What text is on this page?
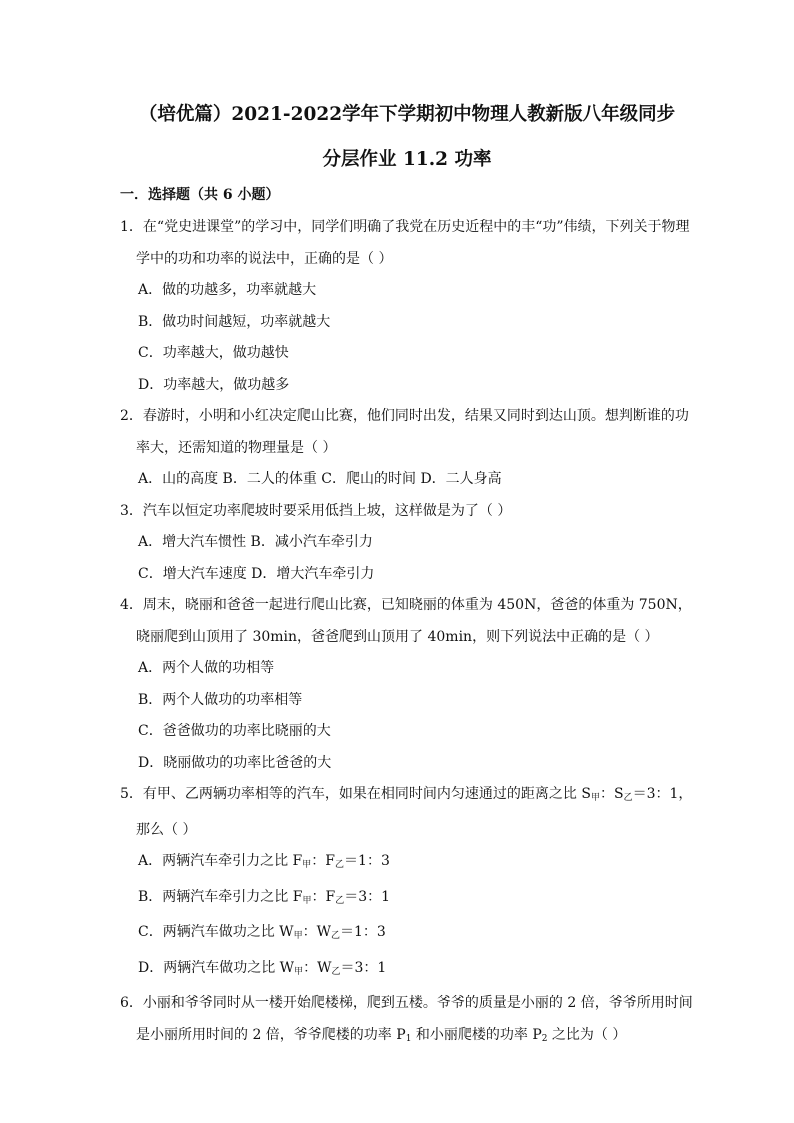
（培优篇）2021-2022学年下学期初中物理人教新版八年级同步
分层作业 11.2 功率
一．选择题（共 6 小题）
1．在“党史进课堂”的学习中，同学们明确了我党在历史近程中的丰“功”伟绩，下列关于物理学中的功和功率的说法中，正确的是（ ）
A．做的功越多，功率就越大
B．做功时间越短，功率就越大
C．功率越大，做功越快
D．功率越大，做功越多
2．春游时，小明和小红决定爬山比赛，他们同时出发，结果又同时到达山顶。想判断谁的功率大，还需知道的物理量是（ ）
A．山的高度 B．二人的体重 C．爬山的时间 D．二人身高
3．汽车以恒定功率爬坡时要采用低挡上坡，这样做是为了（ ）
A．增大汽车惯性 B．减小汽车牵引力
C．增大汽车速度 D．增大汽车牵引力
4．周末，晓丽和爸爸一起进行爬山比赛，已知晓丽的体重为 450N，爸爸的体重为 750N，晓丽爬到山顶用了 30min，爸爸爬到山顶用了 40min，则下列说法中正确的是（ ）
A．两个人做的功相等
B．两个人做功的功率相等
C．爸爸做功的功率比晓丽的大
D．晓丽做功的功率比爸爸的大
5．有甲、乙两辆功率相等的汽车，如果在相同时间内匀速通过的距离之比 $S_甲$：$S_乙=3$：1，那么（ ）
A．两辆汽车牵引力之比 $F_甲$：$F_乙=1$：3
B．两辆汽车牵引力之比 $F_甲$：$F_乙=3$：1
C．两辆汽车做功之比 $W_甲$：$W_乙=1$：3
D．两辆汽车做功之比 $W_甲$：$W_乙=3$：1
6．小丽和爷爷同时从一楼开始爬楼梯，爬到五楼。爷爷的质量是小丽的 2 倍，爷爷所用时间是小丽所用时间的 2 倍，爷爷爬楼的功率 $P_1$ 和小丽爬楼的功率 $P_2$ 之比为（ ）
